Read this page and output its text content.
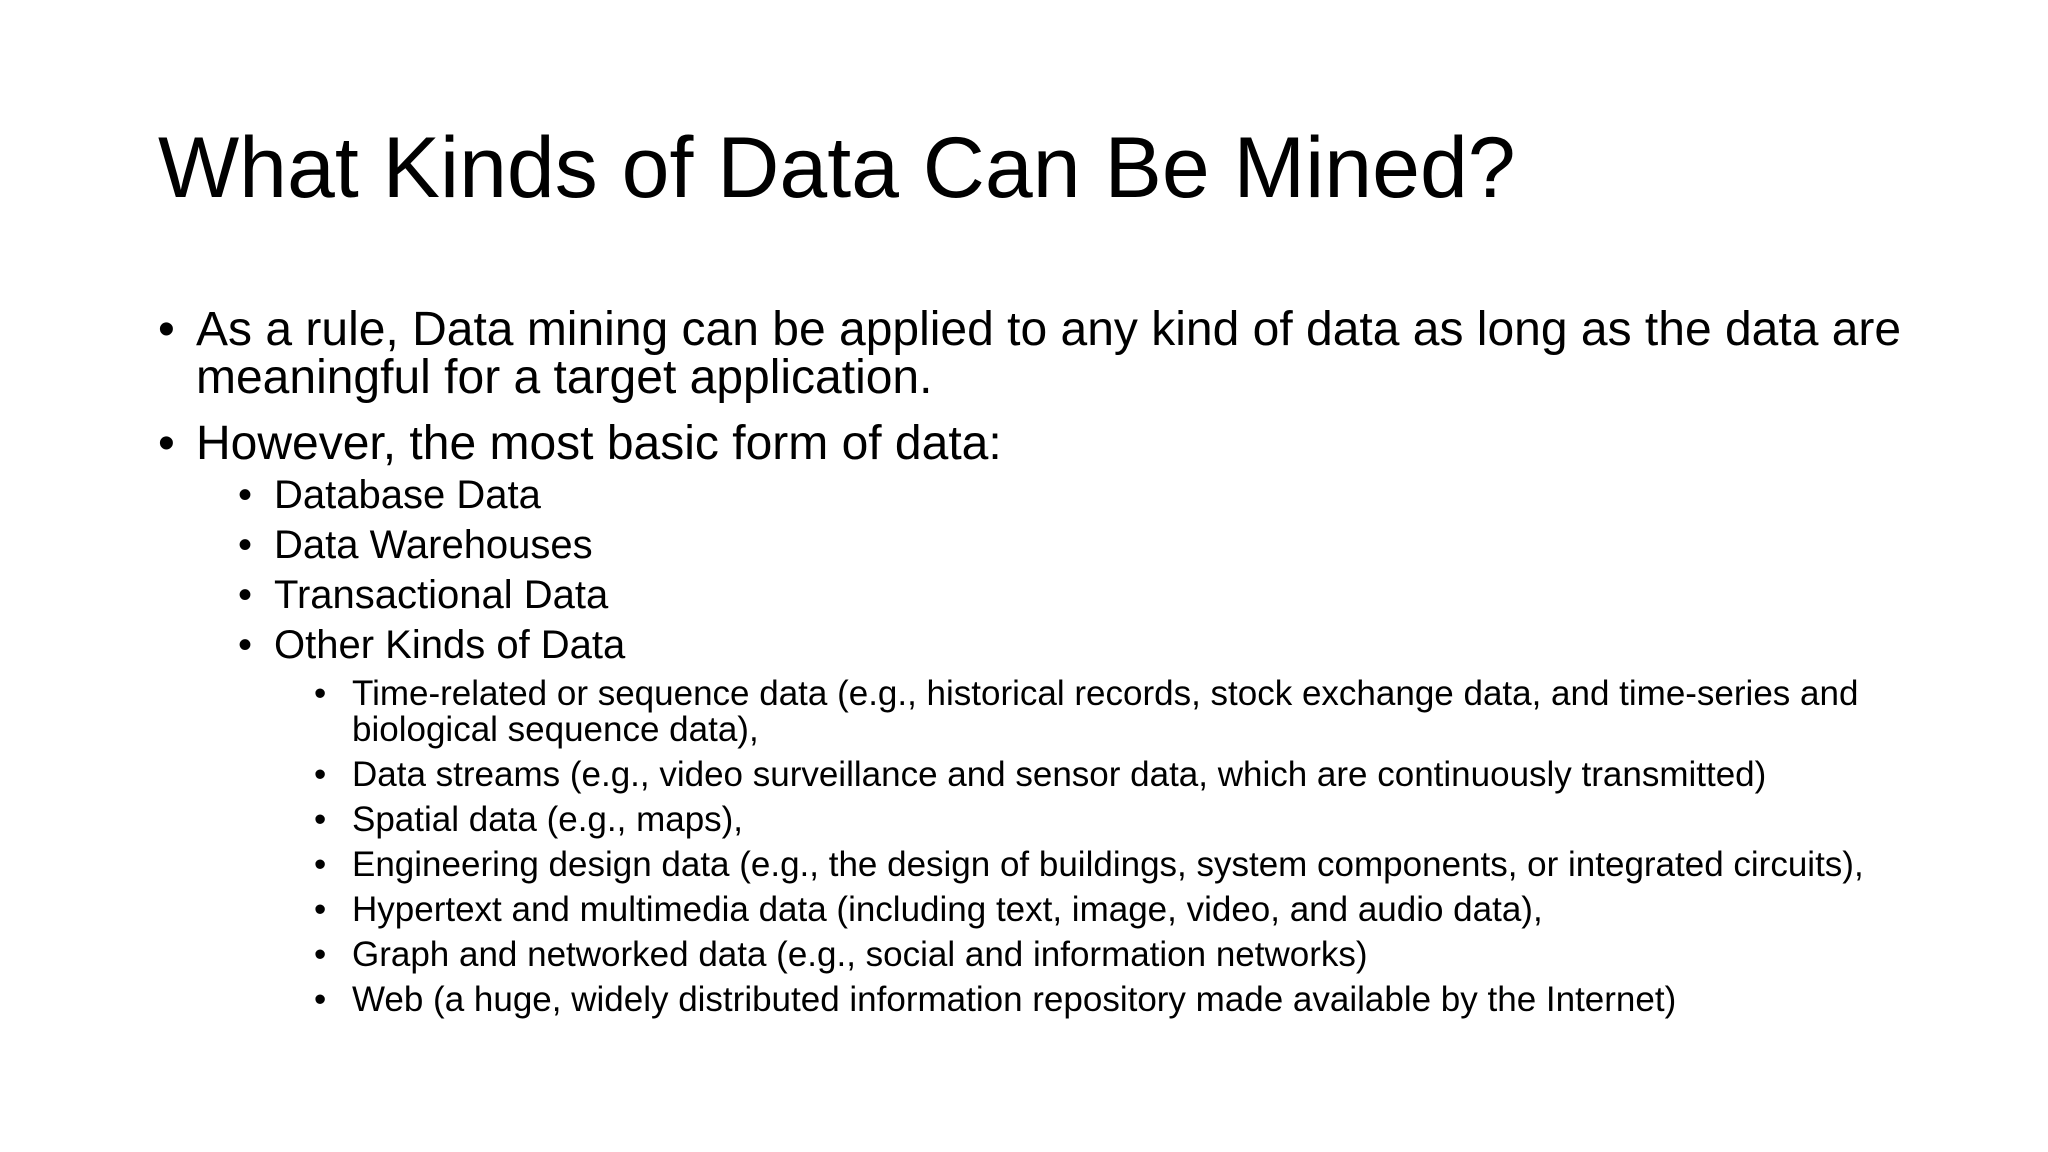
What Kinds of Data Can Be Mined?
• As a rule, Data mining can be applied to any kind of data as long as the data are meaningful for a target application.
• However, the most basic form of data:
• Database Data
• Data Warehouses
• Transactional Data
• Other Kinds of Data
• Time-related or sequence data (e.g., historical records, stock exchange data, and time-series and biological sequence data),
• Data streams (e.g., video surveillance and sensor data, which are continuously transmitted)
• Spatial data (e.g., maps),
• Engineering design data (e.g., the design of buildings, system components, or integrated circuits),
• Hypertext and multimedia data (including text, image, video, and audio data),
• Graph and networked data (e.g., social and information networks)
• Web (a huge, widely distributed information repository made available by the Internet)
